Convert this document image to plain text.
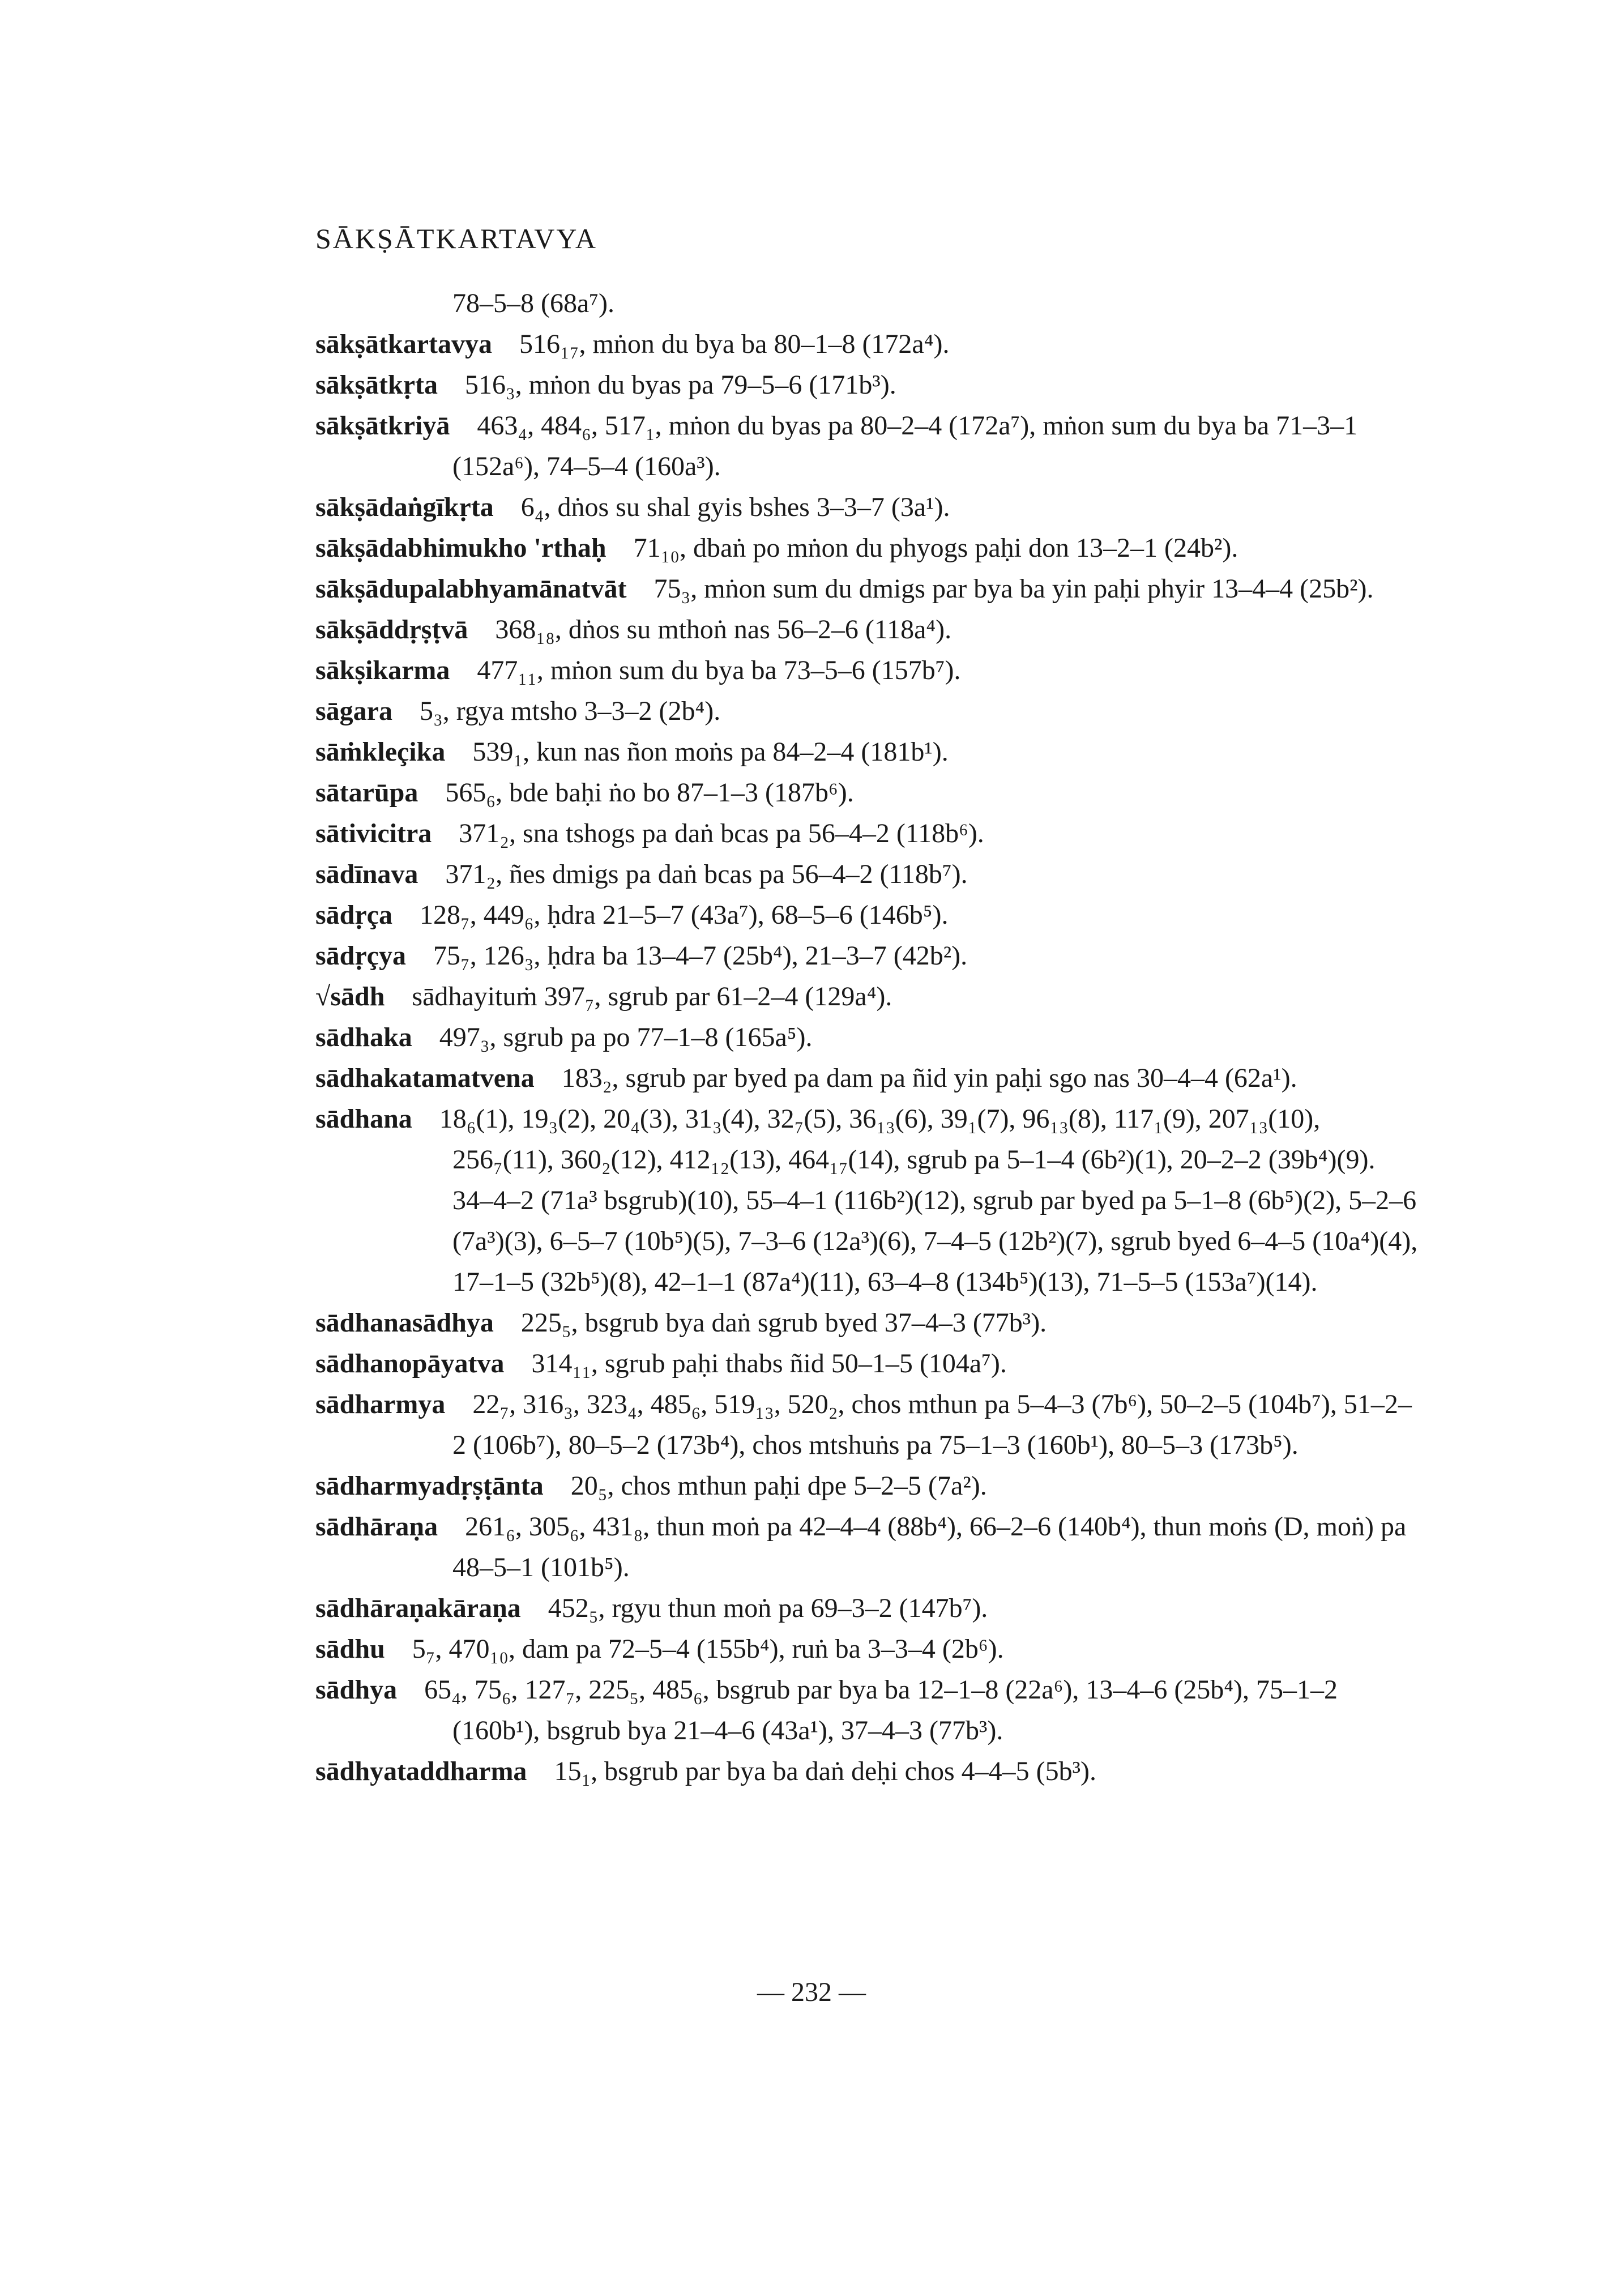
SĀKṢĀTKARTAVYA

78–5–8 (68a⁷).

sākṣātkartavya  516₁₇, mṅon du bya ba 80–1–8 (172a⁴).

sākṣātkṛta  516₃, mṅon du byas pa 79–5–6 (171b³).

sākṣātkriyā  463₄, 484₆, 517₁, mṅon du byas pa 80–2–4 (172a⁷), mṅon sum du bya ba 71–3–1 (152a⁶), 74–5–4 (160a³).

sākṣādaṅgīkṛta  6₄, dṅos su shal gyis bshes 3–3–7 (3a¹).

sākṣādabhimukho 'rthaḥ  71₁₀, dbaṅ po mṅon du phyogs paḥi don 13–2–1 (24b²).

sākṣādupalabhyamānatvāt  75₃, mṅon sum du dmigs par bya ba yin paḥi phyir 13–4–4 (25b²).

sākṣāddṛṣṭvā  368₁₈, dṅos su mthoṅ nas 56–2–6 (118a⁴).

sākṣikarma  477₁₁, mṅon sum du bya ba 73–5–6 (157b⁷).

sāgara  5₃, rgya mtsho 3–3–2 (2b⁴).

sāṁkleçika  539₁, kun nas ñon moṅs pa 84–2–4 (181b¹).

sātarūpa  565₆, bde baḥi ṅo bo 87–1–3 (187b⁶).

sātivicitra  371₂, sna tshogs pa daṅ bcas pa 56–4–2 (118b⁶).

sādīnava  371₂, ñes dmigs pa daṅ bcas pa 56–4–2 (118b⁷).

sādṛça  128₇, 449₆, ḥdra 21–5–7 (43a⁷), 68–5–6 (146b⁵).

sādṛçya  75₇, 126₃, ḥdra ba 13–4–7 (25b⁴), 21–3–7 (42b²).

√sādh  sādhayituṁ 397₇, sgrub par 61–2–4 (129a⁴).

sādhaka  497₃, sgrub pa po 77–1–8 (165a⁵).

sādhakatamatvena  183₂, sgrub par byed pa dam pa ñid yin paḥi sgo nas 30–4–4 (62a¹).

sādhana  18₆(1), 19₃(2), 20₄(3), 31₃(4), 32₇(5), 36₁₃(6), 39₁(7), 96₁₃(8), 117₁(9), 207₁₃(10), 256₇(11), 360₂(12), 412₁₂(13), 464₁₇(14), sgrub pa 5–1–4 (6b²)(1), 20–2–2 (39b⁴)(9). 34–4–2 (71a³ bsgrub)(10), 55–4–1 (116b²)(12), sgrub par byed pa 5–1–8 (6b⁵)(2), 5–2–6 (7a³)(3), 6–5–7 (10b⁵)(5), 7–3–6 (12a³)(6), 7–4–5 (12b²)(7), sgrub byed 6–4–5 (10a⁴)(4), 17–1–5 (32b⁵)(8), 42–1–1 (87a⁴)(11), 63–4–8 (134b⁵)(13), 71–5–5 (153a⁷)(14).

sādhanasādhya  225₅, bsgrub bya daṅ sgrub byed 37–4–3 (77b³).

sādhanopāyatva  314₁₁, sgrub paḥi thabs ñid 50–1–5 (104a⁷).

sādharmya  22₇, 316₃, 323₄, 485₆, 519₁₃, 520₂, chos mthun pa 5–4–3 (7b⁶), 50–2–5 (104b⁷), 51–2–2 (106b⁷), 80–5–2 (173b⁴), chos mtshuṅs pa 75–1–3 (160b¹), 80–5–3 (173b⁵).

sādharmyadṛṣṭānta  20₅, chos mthun paḥi dpe 5–2–5 (7a²).

sādhāraṇa  261₆, 305₆, 431₈, thun moṅ pa 42–4–4 (88b⁴), 66–2–6 (140b⁴), thun moṅs (D, moṅ) pa 48–5–1 (101b⁵).

sādhāraṇakāraṇa  452₅, rgyu thun moṅ pa 69–3–2 (147b⁷).

sādhu  5₇, 470₁₀, dam pa 72–5–4 (155b⁴), ruṅ ba 3–3–4 (2b⁶).

sādhya  65₄, 75₆, 127₇, 225₅, 485₆, bsgrub par bya ba 12–1–8 (22a⁶), 13–4–6 (25b⁴), 75–1–2 (160b¹), bsgrub bya 21–4–6 (43a¹), 37–4–3 (77b³).

sādhyataddharma  15₁, bsgrub par bya ba daṅ deḥi chos 4–4–5 (5b³).

— 232 —
